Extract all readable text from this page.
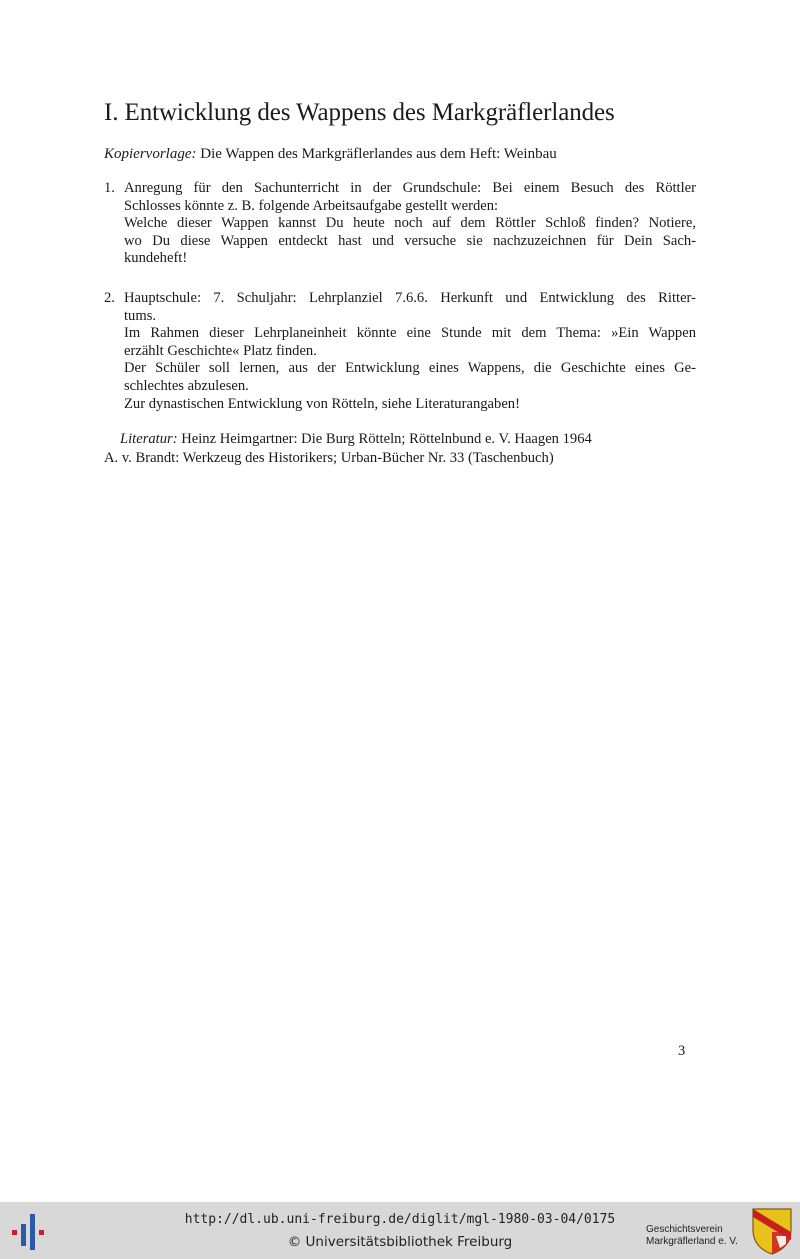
I. Entwicklung des Wappens des Markgräflerlandes
Kopiervorlage: Die Wappen des Markgräflerlandes aus dem Heft: Weinbau
1. Anregung für den Sachunterricht in der Grundschule: Bei einem Besuch des Röttler
Schlosses könnte z. B. folgende Arbeitsaufgabe gestellt werden:
Welche dieser Wappen kannst Du heute noch auf dem Röttler Schloß finden? Notiere,
wo Du diese Wappen entdeckt hast und versuche sie nachzuzeichnen für Dein Sach-
kundeheft!
2. Hauptschule: 7. Schuljahr: Lehrplanziel 7.6.6. Herkunft und Entwicklung des Ritter-
tums.
Im Rahmen dieser Lehrplaneinheit könnte eine Stunde mit dem Thema: »Ein Wappen
erzählt Geschichte« Platz finden.
Der Schüler soll lernen, aus der Entwicklung eines Wappens, die Geschichte eines Ge-
schlechtes abzulesen.
Zur dynastischen Entwicklung von Rötteln, siehe Literaturangaben!
Literatur: Heinz Heimgartner: Die Burg Rötteln; Röttelnbund e. V. Haagen 1964
A. v. Brandt: Werkzeug des Historikers; Urban-Bücher Nr. 33 (Taschenbuch)
3
http://dl.ub.uni-freiburg.de/diglit/mgl-1980-03-04/0175
© Universitätsbibliothek Freiburg
Geschichtsverein
Markgräflerland e. V.
